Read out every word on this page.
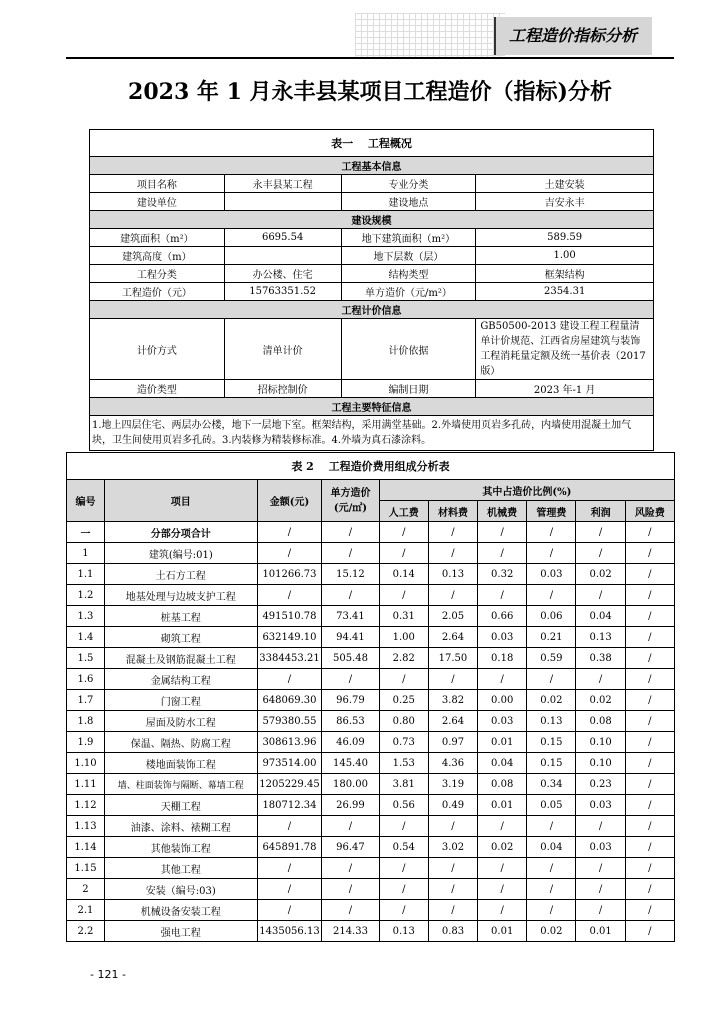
工程造价指标分析
2023 年 1 月永丰县某项目工程造价（指标)分析
表一　 工程概况			
工程基本信息			
项目名称	永丰县某工程	专业分类	土建安装
建设单位		建设地点	吉安永丰
建设规模			
建筑面积（m²）	6695.54	地下建筑面积（m²）	589.59
建筑高度（m）		地下层数（层）	1.00
工程分类	办公楼、住宅	结构类型	框架结构
工程造价（元）	15763351.52	单方造价（元/m²）	2354.31
工程计价信息			
计价方式	清单计价	计价依据	GB50500-2013 建设工程工程量清单计价规范、江西省房屋建筑与装饰工程消耗量定额及统一基价表（2017 版）
造价类型	招标控制价	编制日期	2023 年-1 月
工程主要特征信息			
1.地上四层住宅、两层办公楼，地下一层地下室。框架结构，采用满堂基础。2.外墙使用页岩多孔砖，内墙使用混凝土加气块，卫生间使用页岩多孔砖。3.内装修为精装修标准。4.外墙为真石漆涂料。			
表 2　 工程造价费用组成分析表									
编号	项目	金额(元)	单方造价(元/㎡)	其中占造价比例(%)					
				人工费	材料费	机械费	管理费	利润	风险费
一	分部分项合计	/	/	/	/	/	/	/	/
1	建筑(编号:01)	/	/	/	/	/	/	/	/
1.1	土石方工程	101266.73	15.12	0.14	0.13	0.32	0.03	0.02	/
1.2	地基处理与边坡支护工程	/	/	/	/	/	/	/	/
1.3	桩基工程	491510.78	73.41	0.31	2.05	0.66	0.06	0.04	/
1.4	砌筑工程	632149.10	94.41	1.00	2.64	0.03	0.21	0.13	/
1.5	混凝土及钢筋混凝土工程	3384453.21	505.48	2.82	17.50	0.18	0.59	0.38	/
1.6	金属结构工程	/	/	/	/	/	/	/	/
1.7	门窗工程	648069.30	96.79	0.25	3.82	0.00	0.02	0.02	/
1.8	屋面及防水工程	579380.55	86.53	0.80	2.64	0.03	0.13	0.08	/
1.9	保温、隔热、防腐工程	308613.96	46.09	0.73	0.97	0.01	0.15	0.10	/
1.10	楼地面装饰工程	973514.00	145.40	1.53	4.36	0.04	0.15	0.10	/
1.11	墙、柱面装饰与隔断、幕墙工程	1205229.45	180.00	3.81	3.19	0.08	0.34	0.23	/
1.12	天棚工程	180712.34	26.99	0.56	0.49	0.01	0.05	0.03	/
1.13	油漆、涂料、裱糊工程	/	/	/	/	/	/	/	/
1.14	其他装饰工程	645891.78	96.47	0.54	3.02	0.02	0.04	0.03	/
1.15	其他工程	/	/	/	/	/	/	/	/
2	安装（编号:03)	/	/	/	/	/	/	/	/
2.1	机械设备安装工程	/	/	/	/	/	/	/	/
2.2	强电工程	1435056.13	214.33	0.13	0.83	0.01	0.02	0.01	/
- 121 -
